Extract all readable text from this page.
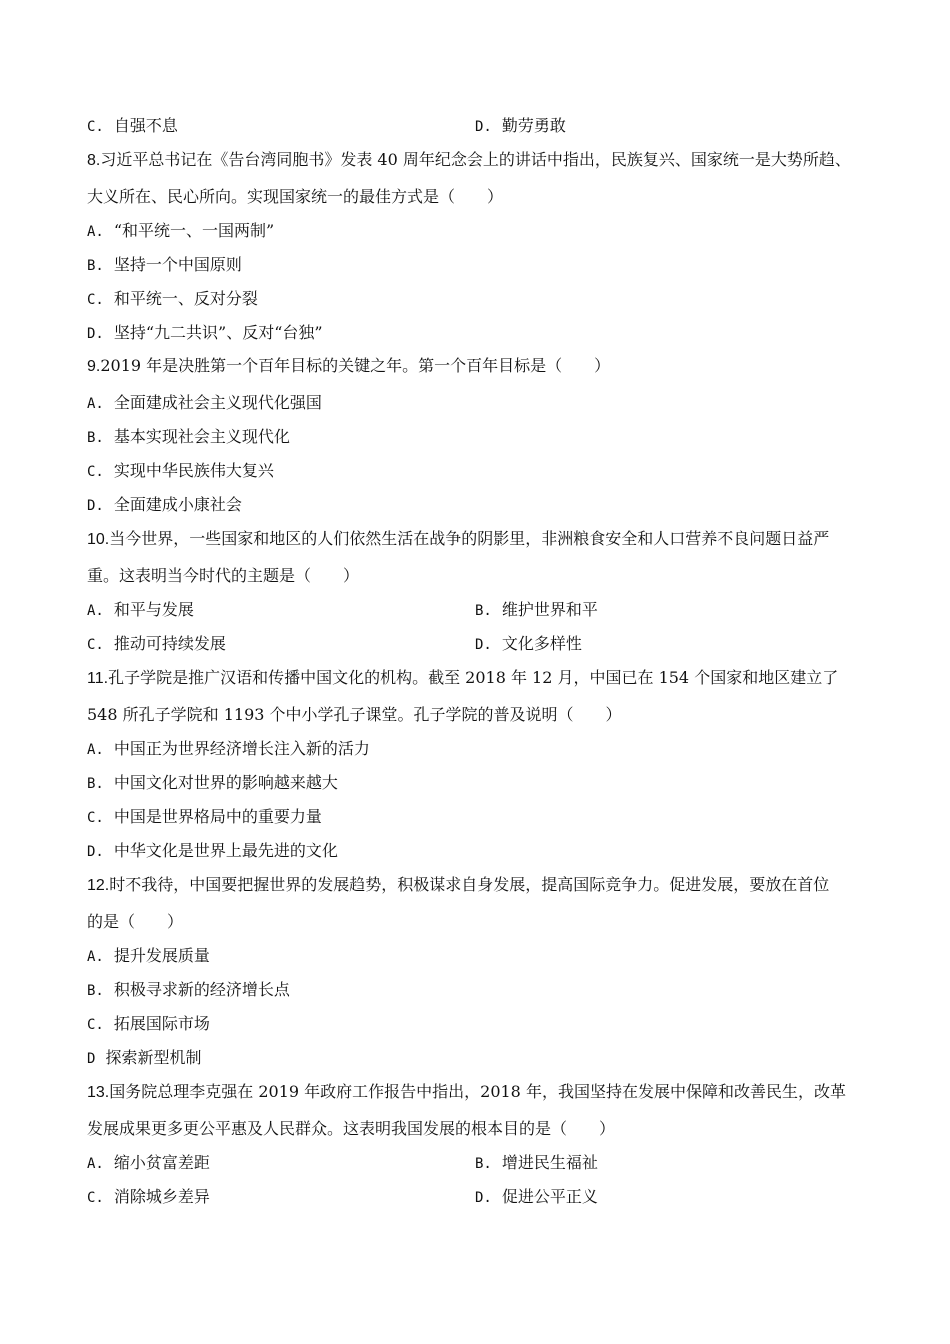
C. 自强不息	D. 勤劳勇敢
8.习近平总书记在《告台湾同胞书》发表 40 周年纪念会上的讲话中指出，民族复兴、国家统一是大势所趋、
大义所在、民心所向。实现国家统一的最佳方式是（　　）
A. “和平统一、一国两制”
B. 坚持一个中国原则
C. 和平统一、反对分裂
D. 坚持“九二共识”、反对“台独”
9.2019 年是决胜第一个百年目标的关键之年。第一个百年目标是（　　）
A. 全面建成社会主义现代化强国
B. 基本实现社会主义现代化
C. 实现中华民族伟大复兴
D. 全面建成小康社会
10.当今世界，一些国家和地区的人们依然生活在战争的阴影里，非洲粮食安全和人口营养不良问题日益严
重。这表明当今时代的主题是（　　）
A. 和平与发展	B. 维护世界和平
C. 推动可持续发展	D. 文化多样性
11.孔子学院是推广汉语和传播中国文化的机构。截至 2018 年 12 月，中国已在 154 个国家和地区建立了
548 所孔子学院和 1193 个中小学孔子课堂。孔子学院的普及说明（　　）
A. 中国正为世界经济增长注入新的活力
B. 中国文化对世界的影响越来越大
C. 中国是世界格局中的重要力量
D. 中华文化是世界上最先进的文化
12.时不我待，中国要把握世界的发展趋势，积极谋求自身发展，提高国际竞争力。促进发展，要放在首位
的是（　　）
A. 提升发展质量
B. 积极寻求新的经济增长点
C. 拓展国际市场
D 探索新型机制
13.国务院总理李克强在 2019 年政府工作报告中指出，2018 年，我国坚持在发展中保障和改善民生，改革
发展成果更多更公平惠及人民群众。这表明我国发展的根本目的是（　　）
A. 缩小贫富差距	B. 增进民生福祉
C. 消除城乡差异	D. 促进公平正义
